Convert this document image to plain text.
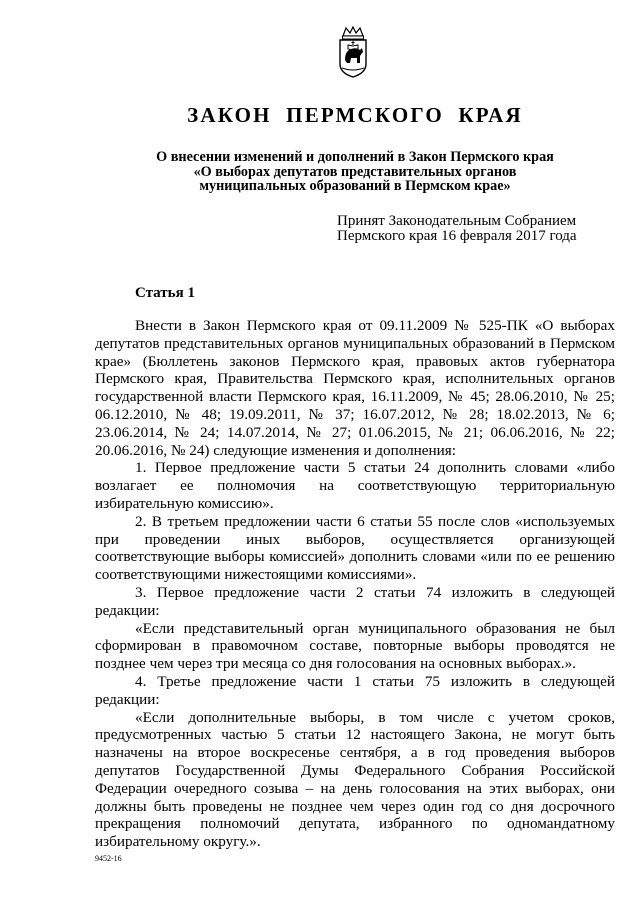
ЗАКОН ПЕРМСКОГО КРАЯ
О внесении изменений и дополнений в Закон Пермского края
«О выборах депутатов представительных органов
муниципальных образований в Пермском крае»
Принят Законодательным Собранием
Пермского края 16 февраля 2017 года
Статья 1

Внести в Закон Пермского края от 09.11.2009 № 525-ПК «О выборах депутатов представительных органов муниципальных образований в Пермском крае» (Бюллетень законов Пермского края, правовых актов губернатора Пермского края, Правительства Пермского края, исполнительных органов государственной власти Пермского края, 16.11.2009, № 45; 28.06.2010, № 25; 06.12.2010, № 48; 19.09.2011, № 37; 16.07.2012, № 28; 18.02.2013, № 6; 23.06.2014, № 24; 14.07.2014, № 27; 01.06.2015, № 21; 06.06.2016, № 22; 20.06.2016, № 24) следующие изменения и дополнения:

1. Первое предложение части 5 статьи 24 дополнить словами «либо возлагает ее полномочия на соответствующую территориальную избирательную комиссию».

2. В третьем предложении части 6 статьи 55 после слов «используемых при проведении иных выборов, осуществляется организующей соответствующие выборы комиссией» дополнить словами «или по ее решению соответствующими нижестоящими комиссиями».

3. Первое предложение части 2 статьи 74 изложить в следующей редакции:

«Если представительный орган муниципального образования не был сформирован в правомочном составе, повторные выборы проводятся не позднее чем через три месяца со дня голосования на основных выборах.».

4. Третье предложение части 1 статьи 75 изложить в следующей редакции:

«Если дополнительные выборы, в том числе с учетом сроков, предусмотренных частью 5 статьи 12 настоящего Закона, не могут быть назначены на второе воскресенье сентября, а в год проведения выборов депутатов Государственной Думы Федерального Собрания Российской Федерации очередного созыва – на день голосования на этих выборах, они должны быть проведены не позднее чем через один год со дня досрочного прекращения полномочий депутата, избранного по одномандатному избирательному округу.».

9452-16
